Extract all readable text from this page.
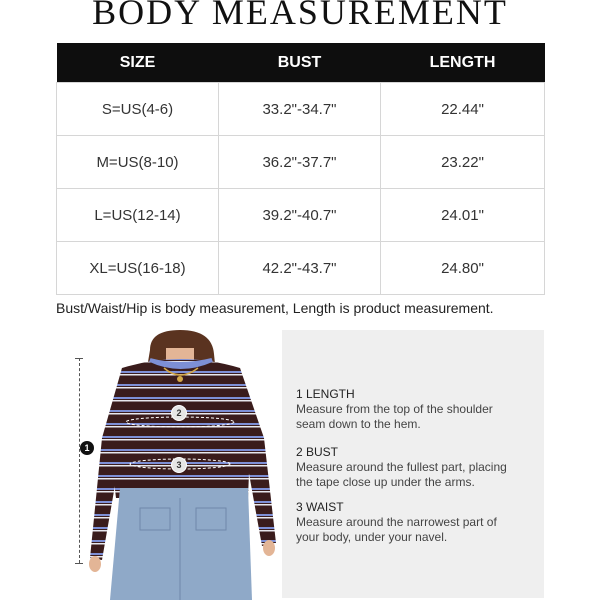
BODY MEASUREMENT
SIZE	BUST	LENGTH
S=US(4-6)	33.2"-34.7"	22.44"
M=US(8-10)	36.2"-37.7"	23.22"
L=US(12-14)	39.2"-40.7"	24.01"
XL=US(16-18)	42.2"-43.7"	24.80"
Bust/Waist/Hip is body measurement, Length is product measurement.
1
2
3
1 LENGTH
Measure from the top of the shoulder
seam down to the hem.
2 BUST
Measure around the fullest part, placing
the tape close up under the arms.
3 WAIST
Measure around the narrowest part of
your body, under your navel.
